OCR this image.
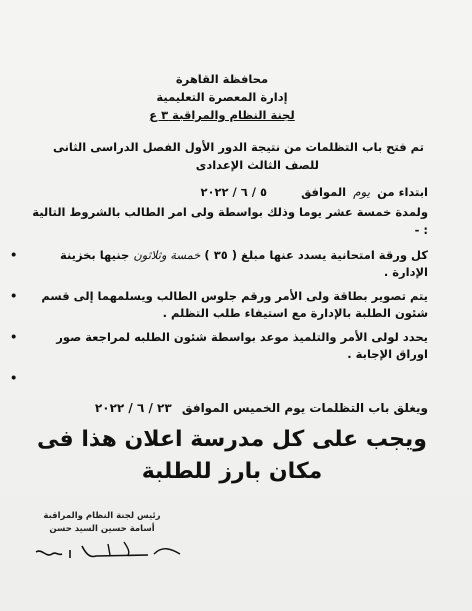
محافظة القاهرة
إدارة المعصرة التعليمية
لجنة النظام والمراقبة ٣ ع
تم فتح باب التظلمات من نتيجة الدور الأول الفصل الدراسى الثانى
للصف الثالث الإعدادى
ابتداء من يوم الموافق ٥ / ٦ / ٢٠٢٢
ولمدة خمسة عشر يوما وذلك بواسطة ولى امر الطالب بالشروط التالية : -
•	كل ورقة امتحانية يسدد عنها مبلغ ( ٣٥ ) خمسة وثلاثون جنيها بخزينة الإدارة .
• يتم تصوير بطاقة ولى الأمر ورقم جلوس الطالب ويسلمهما إلى قسم شئون الطلبة بالإدارة مع استيفاء طلب التظلم .
•	يحدد لولى الأمر والتلميذ موعد بواسطة شئون الطلبه لمراجعة صور اوراق الإجابة .
•
ويغلق باب التظلمات يوم الخميس الموافق ٢٣ / ٦ / ٢٠٢٢
ويجب على كل مدرسة اعلان هذا فى
مكان بارز للطلبة
رئيس لجنة النظام والمراقبة
أسامة حسين السيد حسن
